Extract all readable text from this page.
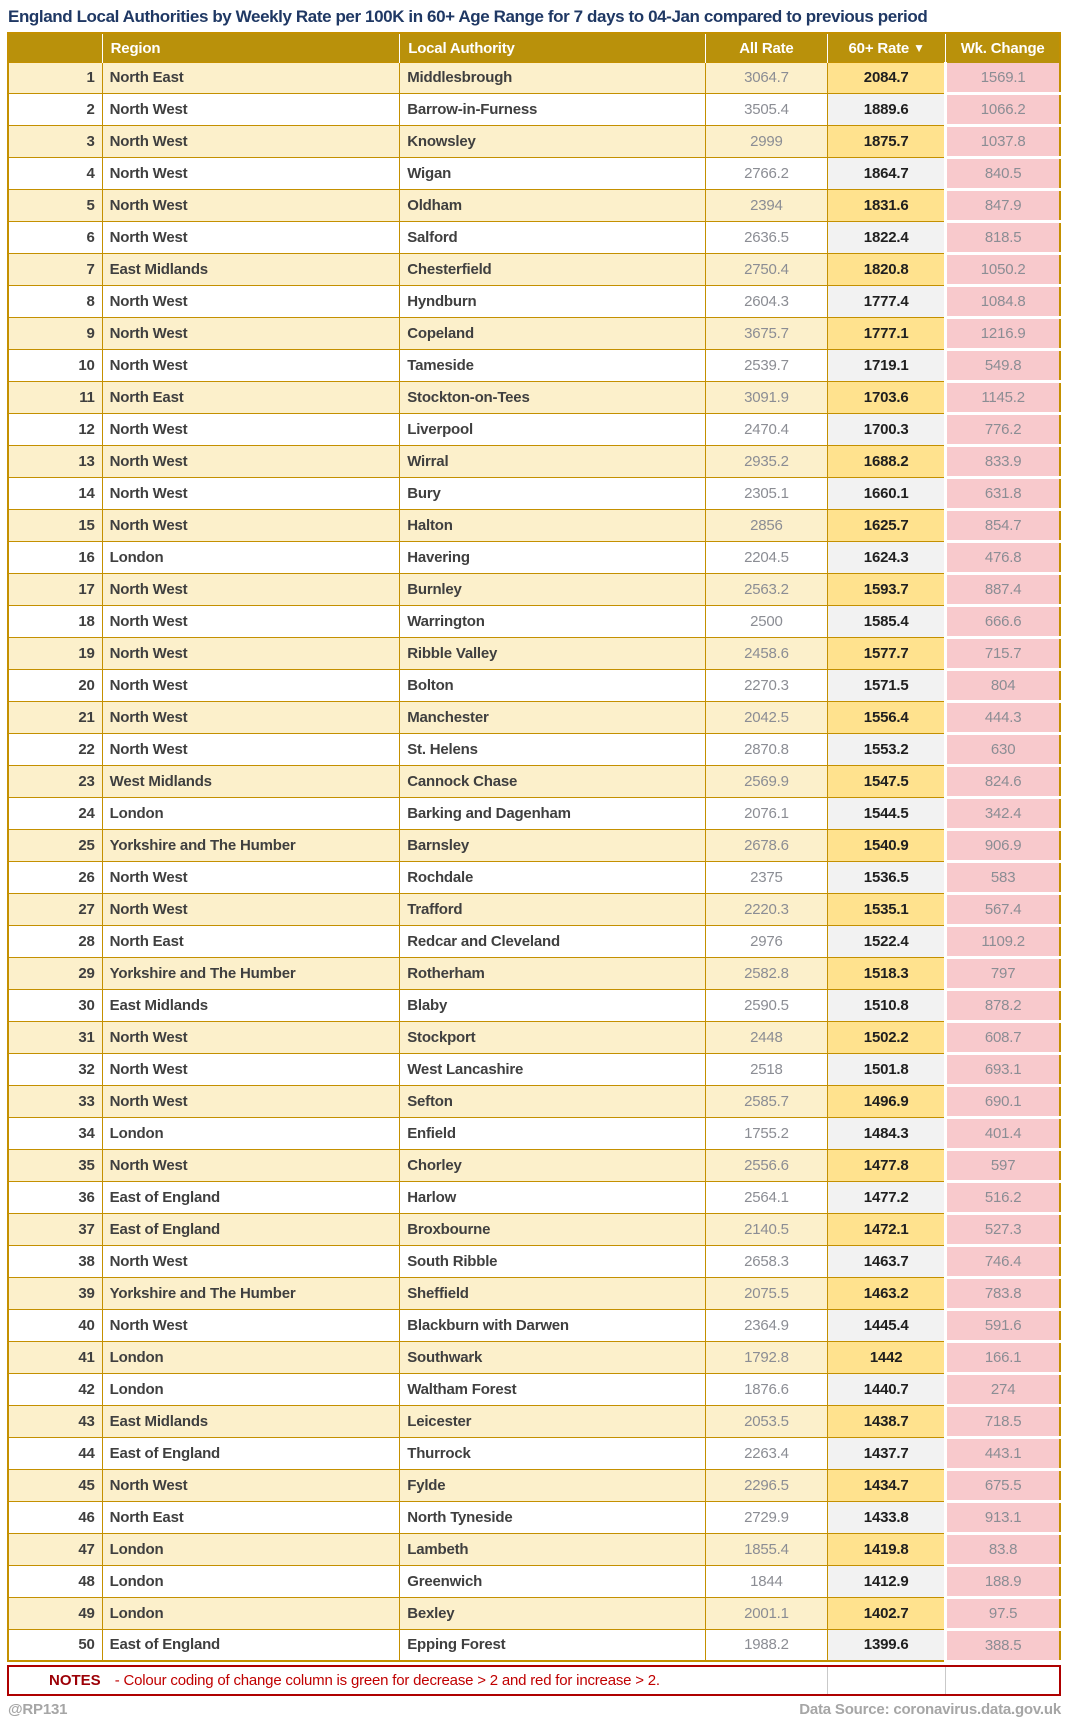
England Local Authorities by Weekly Rate per 100K in 60+ Age Range for 7 days to 04-Jan compared to previous period
	Region	Local Authority	All Rate	60+ Rate ▼	Wk. Change
1	North East	Middlesbrough	3064.7	2084.7	1569.1
2	North West	Barrow-in-Furness	3505.4	1889.6	1066.2
3	North West	Knowsley	2999	1875.7	1037.8
4	North West	Wigan	2766.2	1864.7	840.5
5	North West	Oldham	2394	1831.6	847.9
6	North West	Salford	2636.5	1822.4	818.5
7	East Midlands	Chesterfield	2750.4	1820.8	1050.2
8	North West	Hyndburn	2604.3	1777.4	1084.8
9	North West	Copeland	3675.7	1777.1	1216.9
10	North West	Tameside	2539.7	1719.1	549.8
11	North East	Stockton-on-Tees	3091.9	1703.6	1145.2
12	North West	Liverpool	2470.4	1700.3	776.2
13	North West	Wirral	2935.2	1688.2	833.9
14	North West	Bury	2305.1	1660.1	631.8
15	North West	Halton	2856	1625.7	854.7
16	London	Havering	2204.5	1624.3	476.8
17	North West	Burnley	2563.2	1593.7	887.4
18	North West	Warrington	2500	1585.4	666.6
19	North West	Ribble Valley	2458.6	1577.7	715.7
20	North West	Bolton	2270.3	1571.5	804
21	North West	Manchester	2042.5	1556.4	444.3
22	North West	St. Helens	2870.8	1553.2	630
23	West Midlands	Cannock Chase	2569.9	1547.5	824.6
24	London	Barking and Dagenham	2076.1	1544.5	342.4
25	Yorkshire and The Humber	Barnsley	2678.6	1540.9	906.9
26	North West	Rochdale	2375	1536.5	583
27	North West	Trafford	2220.3	1535.1	567.4
28	North East	Redcar and Cleveland	2976	1522.4	1109.2
29	Yorkshire and The Humber	Rotherham	2582.8	1518.3	797
30	East Midlands	Blaby	2590.5	1510.8	878.2
31	North West	Stockport	2448	1502.2	608.7
32	North West	West Lancashire	2518	1501.8	693.1
33	North West	Sefton	2585.7	1496.9	690.1
34	London	Enfield	1755.2	1484.3	401.4
35	North West	Chorley	2556.6	1477.8	597
36	East of England	Harlow	2564.1	1477.2	516.2
37	East of England	Broxbourne	2140.5	1472.1	527.3
38	North West	South Ribble	2658.3	1463.7	746.4
39	Yorkshire and The Humber	Sheffield	2075.5	1463.2	783.8
40	North West	Blackburn with Darwen	2364.9	1445.4	591.6
41	London	Southwark	1792.8	1442	166.1
42	London	Waltham Forest	1876.6	1440.7	274
43	East Midlands	Leicester	2053.5	1438.7	718.5
44	East of England	Thurrock	2263.4	1437.7	443.1
45	North West	Fylde	2296.5	1434.7	675.5
46	North East	North Tyneside	2729.9	1433.8	913.1
47	London	Lambeth	1855.4	1419.8	83.8
48	London	Greenwich	1844	1412.9	188.9
49	London	Bexley	2001.1	1402.7	97.5
50	East of England	Epping Forest	1988.2	1399.6	388.5
NOTES - Colour coding of change column is green for decrease > 2 and red for increase > 2.
@RP131	Data Source: coronavirus.data.gov.uk
